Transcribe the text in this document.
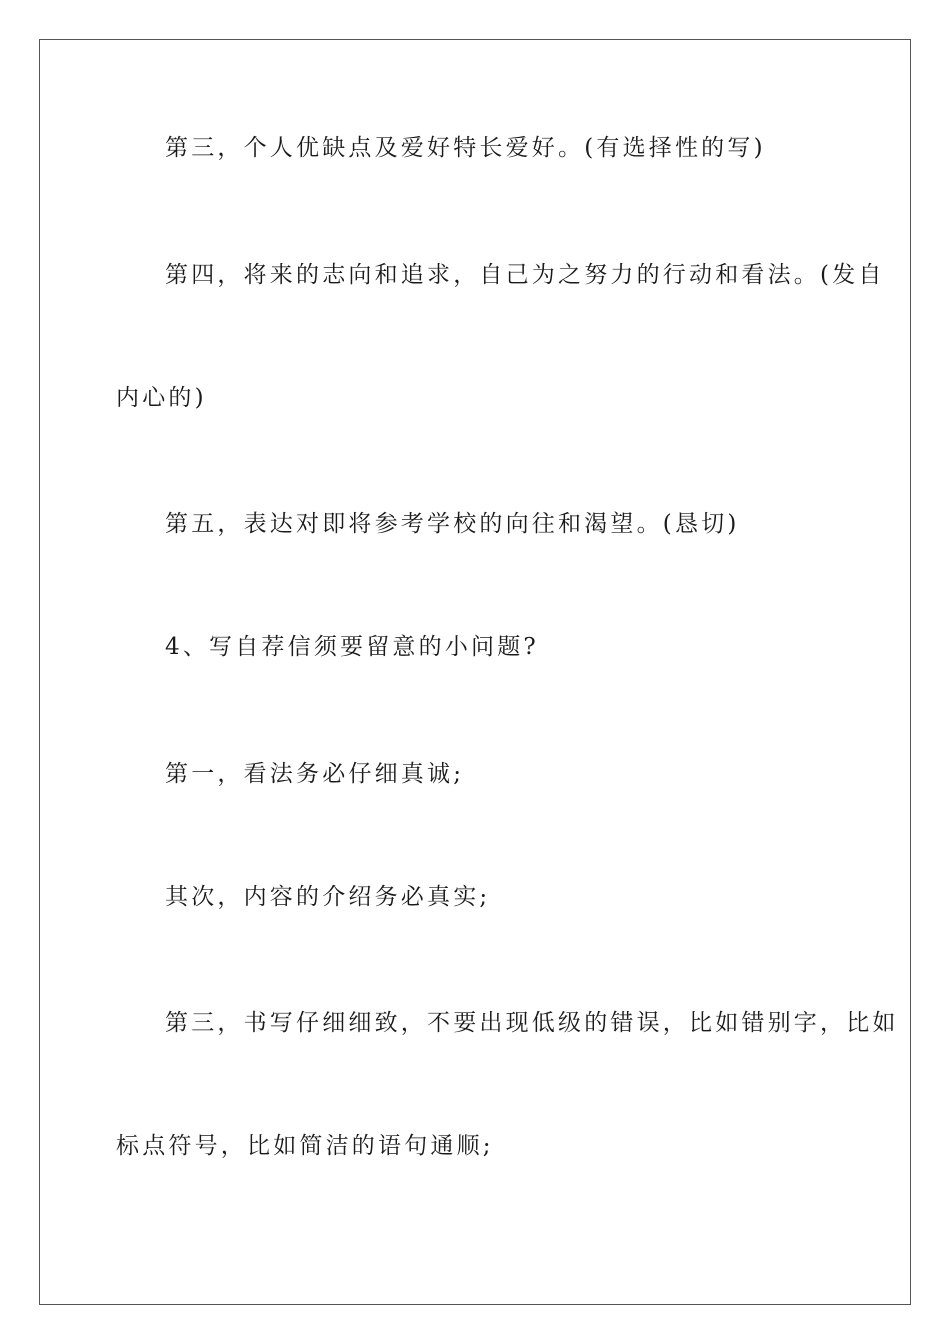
第三，个人优缺点及爱好特长爱好。(有选择性的写)

第四，将来的志向和追求，自己为之努力的行动和看法。(发自

内心的)

第五，表达对即将参考学校的向往和渴望。(恳切)

4、写自荐信须要留意的小问题?

第一，看法务必仔细真诚;

其次，内容的介绍务必真实;

第三，书写仔细细致，不要出现低级的错误，比如错别字，比如

标点符号，比如简洁的语句通顺;
